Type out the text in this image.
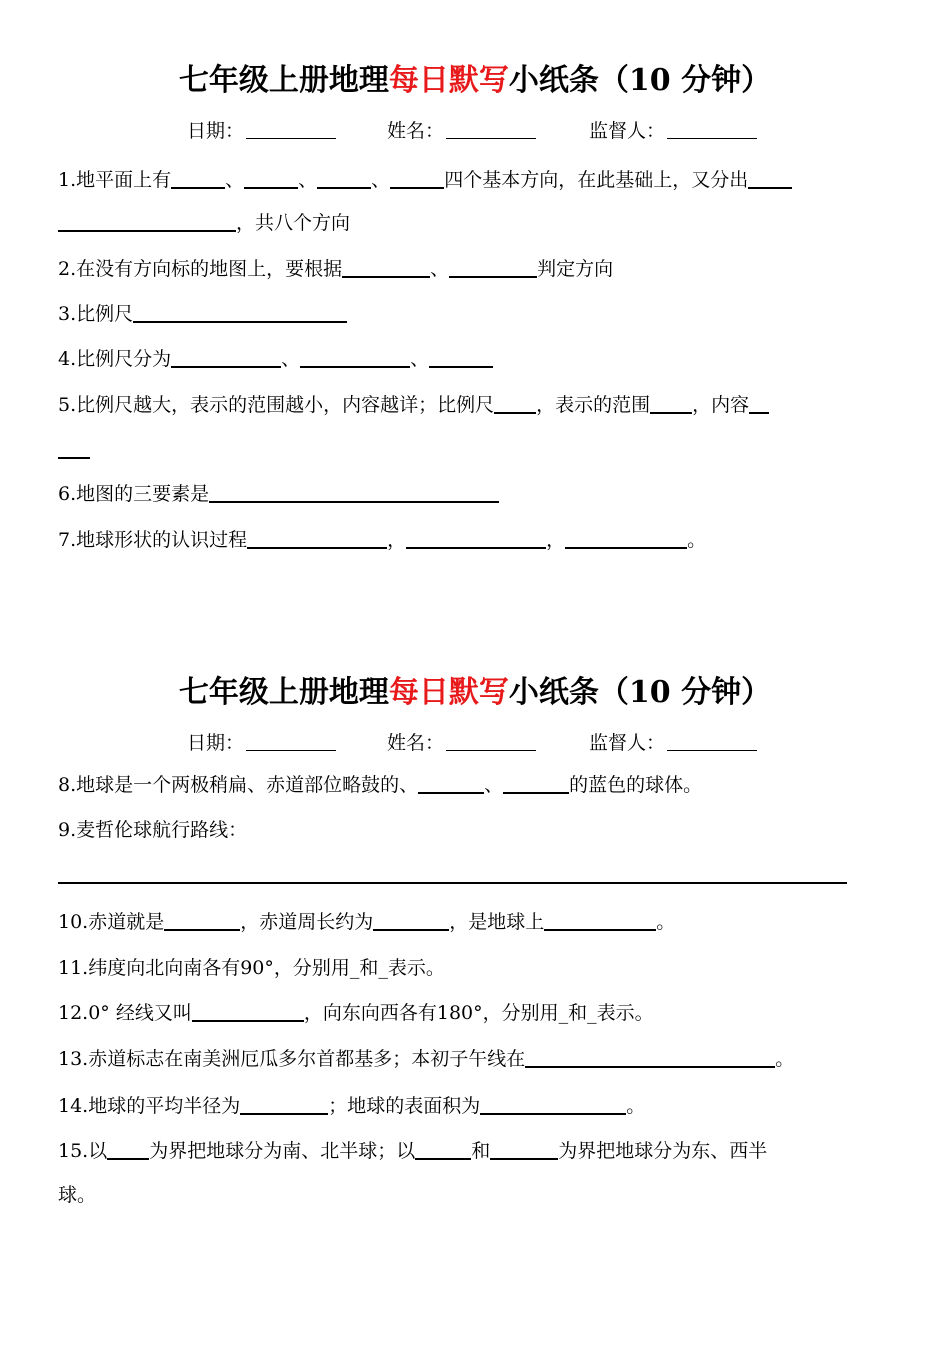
七年级上册地理每日默写小纸条（10 分钟）
日期：	姓名：	监督人：
1.地平面上有	、	、	、	四个基本方向，在此基础上，又分出
，共八个方向
2.在没有方向标的地图上，要根据	、	判定方向
3.比例尺
4.比例尺分为	、	、
5.比例尺越大，表示的范围越小，内容越详；比例尺 ，表示的范围 ，内容
6.地图的三要素是
7.地球形状的认识过程	，	，	。
七年级上册地理每日默写小纸条（10 分钟）
日期：	姓名：	监督人：
8.地球是一个两极稍扁、赤道部位略鼓的、	、	的蓝色的球体。
9.麦哲伦球航行路线：
10.赤道就是	，赤道周长约为	，是地球上	。
11.纬度向北向南各有90°，分别用_和_表示。
12.0° 经线又叫	，向东向西各有180°，分别用_和_表示。
13.赤道标志在南美洲厄瓜多尔首都基多；本初子午线在	。
14.地球的平均半径为	；地球的表面积为	。
15.以 为界把地球分为南、北半球；以	和	为界把地球分为东、西半
球。
